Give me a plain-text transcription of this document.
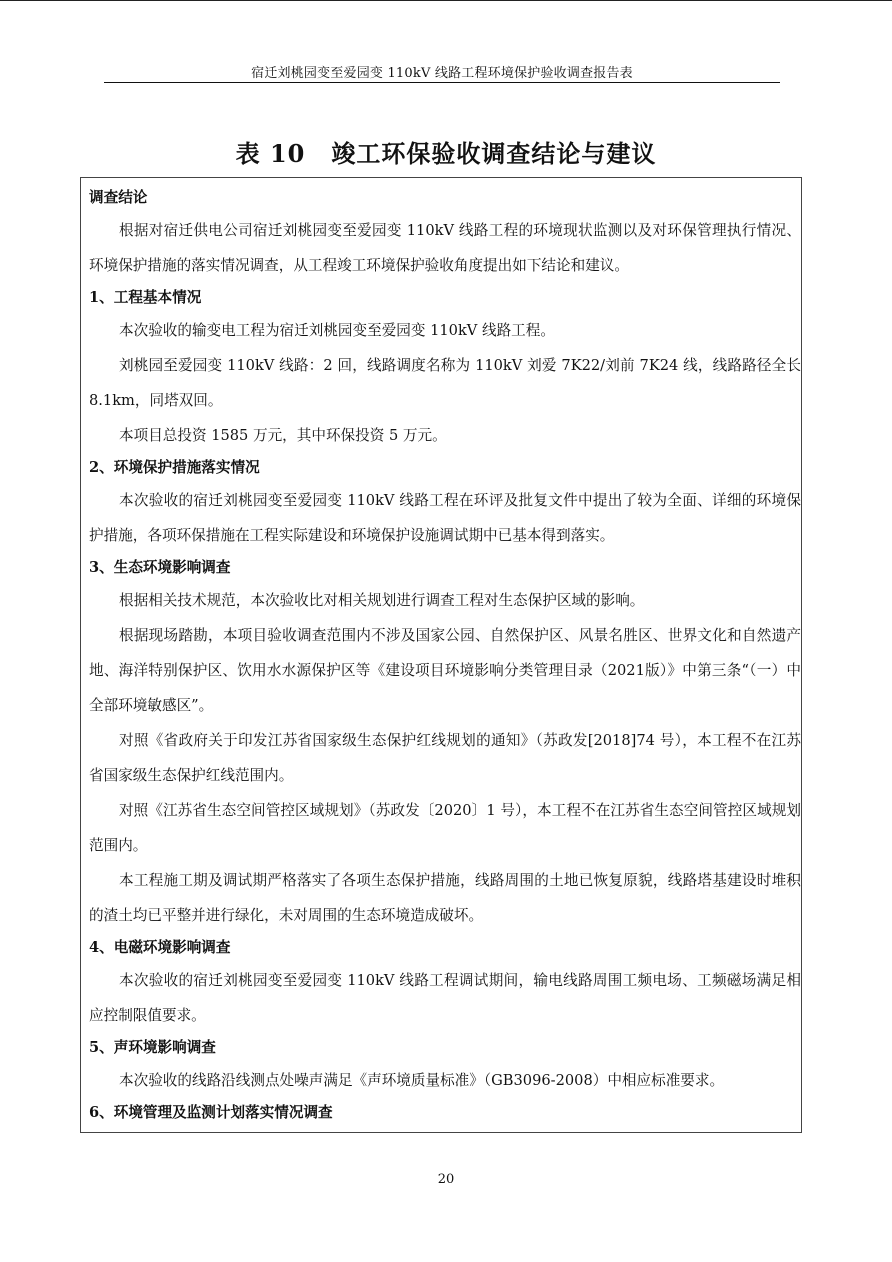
宿迁刘桃园变至爱园变 110kV 线路工程环境保护验收调查报告表
表 10 竣工环保验收调查结论与建议
调查结论
根据对宿迁供电公司宿迁刘桃园变至爱园变 110kV 线路工程的环境现状监测以及对环保管理执行情况、环境保护措施的落实情况调查，从工程竣工环境保护验收角度提出如下结论和建议。
1、工程基本情况
本次验收的输变电工程为宿迁刘桃园变至爱园变 110kV 线路工程。
刘桃园至爱园变 110kV 线路：2 回，线路调度名称为 110kV 刘爱 7K22/刘前 7K24 线，线路路径全长 8.1km，同塔双回。
本项目总投资 1585 万元，其中环保投资 5 万元。
2、环境保护措施落实情况
本次验收的宿迁刘桃园变至爱园变 110kV 线路工程在环评及批复文件中提出了较为全面、详细的环境保护措施，各项环保措施在工程实际建设和环境保护设施调试期中已基本得到落实。
3、生态环境影响调查
根据相关技术规范，本次验收比对相关规划进行调查工程对生态保护区域的影响。
根据现场踏勘，本项目验收调查范围内不涉及国家公园、自然保护区、风景名胜区、世界文化和自然遗产地、海洋特别保护区、饮用水水源保护区等《建设项目环境影响分类管理目录（2021版）》中第三条“（一）中全部环境敏感区”。
对照《省政府关于印发江苏省国家级生态保护红线规划的通知》（苏政发[2018]74 号），本工程不在江苏省国家级生态保护红线范围内。
对照《江苏省生态空间管控区域规划》（苏政发〔2020〕1 号），本工程不在江苏省生态空间管控区域规划范围内。
本工程施工期及调试期严格落实了各项生态保护措施，线路周围的土地已恢复原貌，线路塔基建设时堆积的渣土均已平整并进行绿化，未对周围的生态环境造成破坏。
4、电磁环境影响调查
本次验收的宿迁刘桃园变至爱园变 110kV 线路工程调试期间，输电线路周围工频电场、工频磁场满足相应控制限值要求。
5、声环境影响调查
本次验收的线路沿线测点处噪声满足《声环境质量标准》（GB3096-2008）中相应标准要求。
6、环境管理及监测计划落实情况调查
20
